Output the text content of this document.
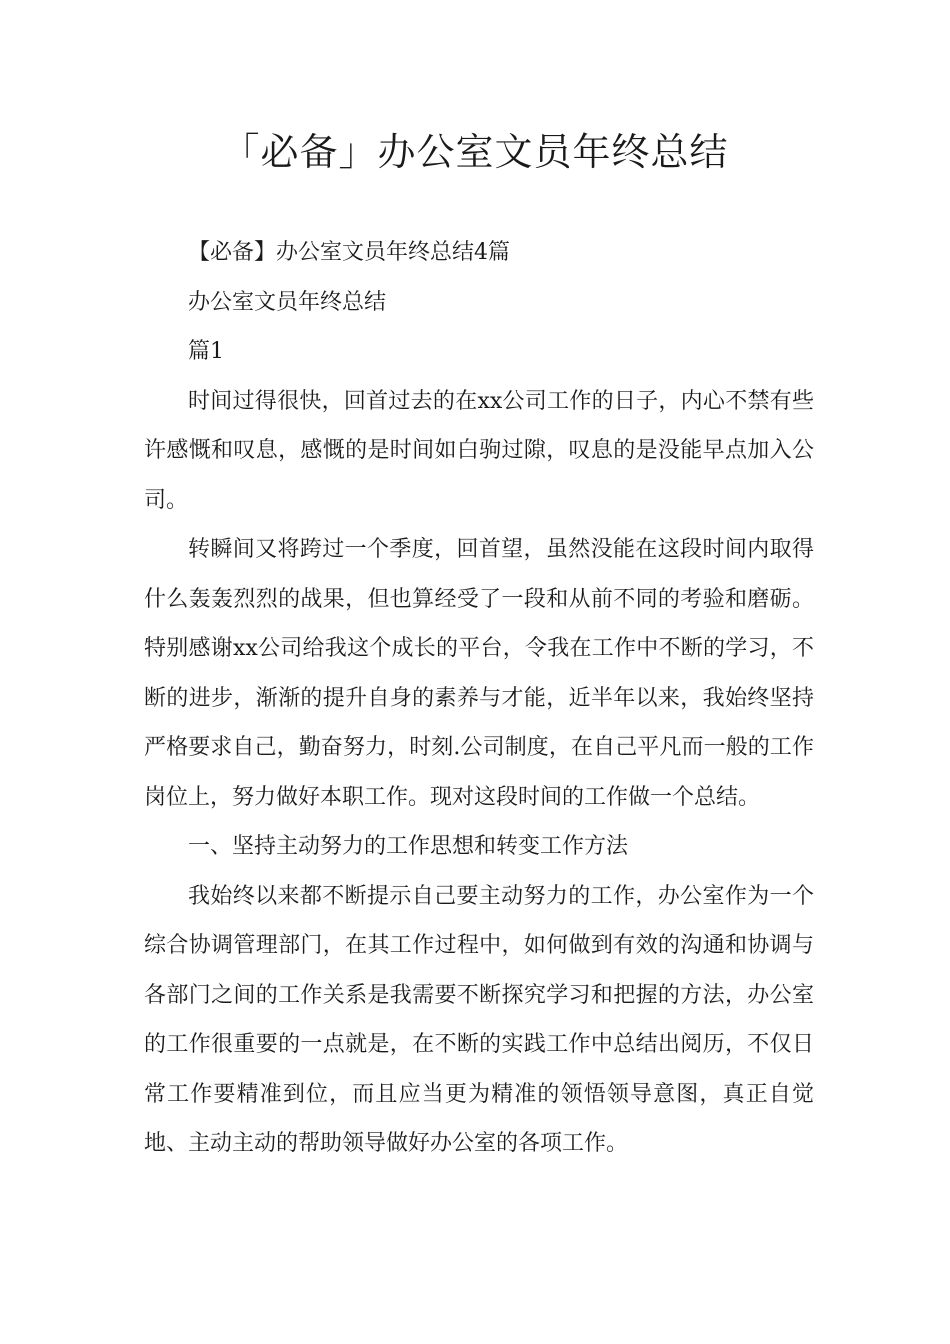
「必备」办公室文员年终总结

【必备】办公室文员年终总结4篇

办公室文员年终总结

篇1

时间过得很快，回首过去的在xx公司工作的日子，内心不禁有些许感慨和叹息，感慨的是时间如白驹过隙，叹息的是没能早点加入公司。

转瞬间又将跨过一个季度，回首望，虽然没能在这段时间内取得什么轰轰烈烈的战果，但也算经受了一段和从前不同的考验和磨砺。特别感谢xx公司给我这个成长的平台，令我在工作中不断的学习，不断的进步，渐渐的提升自身的素养与才能，近半年以来，我始终坚持严格要求自己，勤奋努力，时刻.公司制度，在自己平凡而一般的工作岗位上，努力做好本职工作。现对这段时间的工作做一个总结。

一、坚持主动努力的工作思想和转变工作方法

我始终以来都不断提示自己要主动努力的工作，办公室作为一个综合协调管理部门，在其工作过程中，如何做到有效的沟通和协调与各部门之间的工作关系是我需要不断探究学习和把握的方法，办公室的工作很重要的一点就是，在不断的实践工作中总结出阅历，不仅日常工作要精准到位，而且应当更为精准的领悟领导意图，真正自觉地、主动主动的帮助领导做好办公室的各项工作。
